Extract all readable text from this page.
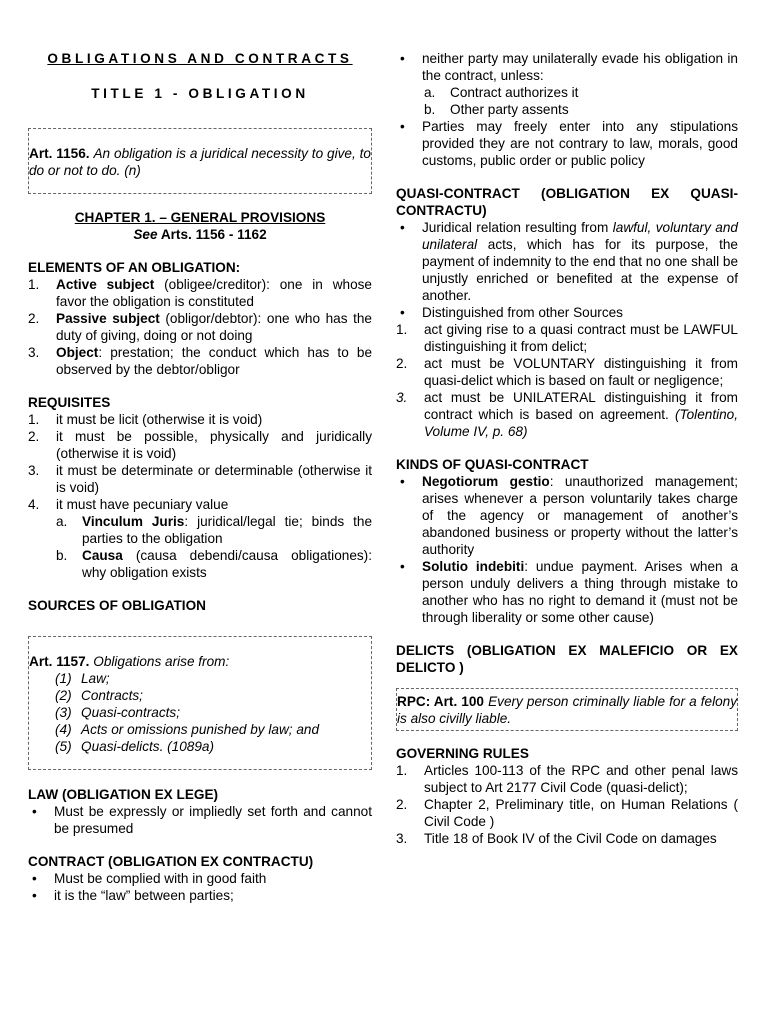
OBLIGATIONS AND CONTRACTS

TITLE 1 - OBLIGATION

Art. 1156. An obligation is a juridical necessity to give, to do or not to do. (n)
CHAPTER 1. – GENERAL PROVISIONS
See Arts. 1156 - 1162
ELEMENTS OF AN OBLIGATION:
1. Active subject (obligee/creditor): one in whose favor the obligation is constituted
2. Passive subject (obligor/debtor): one who has the duty of giving, doing or not doing
3. Object: prestation; the conduct which has to be observed by the debtor/obligor
REQUISITES
1. it must be licit (otherwise it is void)
2. it must be possible, physically and juridically (otherwise it is void)
3. it must be determinate or determinable (otherwise it is void)
4. it must have pecuniary value
a. Vinculum Juris: juridical/legal tie; binds the parties to the obligation
b. Causa (causa debendi/causa obligationes): why obligation exists
SOURCES OF OBLIGATION
Art. 1157. Obligations arise from:
(1) Law;
(2) Contracts;
(3) Quasi-contracts;
(4) Acts or omissions punished by law; and
(5) Quasi-delicts. (1089a)
LAW (OBLIGATION EX LEGE)
• Must be expressly or impliedly set forth and cannot be presumed
CONTRACT (OBLIGATION EX CONTRACTU)
• Must be complied with in good faith
• it is the “law” between parties;
• neither party may unilaterally evade his obligation in the contract, unless:
a. Contract authorizes it
b. Other party assents
• Parties may freely enter into any stipulations provided they are not contrary to law, morals, good customs, public order or public policy
QUASI-CONTRACT (OBLIGATION EX QUASI-CONTRACTU)
• Juridical relation resulting from lawful, voluntary and unilateral acts, which has for its purpose, the payment of indemnity to the end that no one shall be unjustly enriched or benefited at the expense of another.
• Distinguished from other Sources
1. act giving rise to a quasi contract must be LAWFUL distinguishing it from delict;
2. act must be VOLUNTARY distinguishing it from quasi-delict which is based on fault or negligence;
3. act must be UNILATERAL distinguishing it from contract which is based on agreement. (Tolentino, Volume IV, p. 68)
KINDS OF QUASI-CONTRACT
• Negotiorum gestio: unauthorized management; arises whenever a person voluntarily takes charge of the agency or management of another’s abandoned business or property without the latter’s authority
• Solutio indebiti: undue payment. Arises when a person unduly delivers a thing through mistake to another who has no right to demand it (must not be through liberality or some other cause)
DELICTS (OBLIGATION EX MALEFICIO OR EX DELICTO )
RPC: Art. 100 Every person criminally liable for a felony is also civilly liable.
GOVERNING RULES
1. Articles 100-113 of the RPC and other penal laws subject to Art 2177 Civil Code (quasi-delict);
2. Chapter 2, Preliminary title, on Human Relations ( Civil Code )
3. Title 18 of Book IV of the Civil Code on damages
